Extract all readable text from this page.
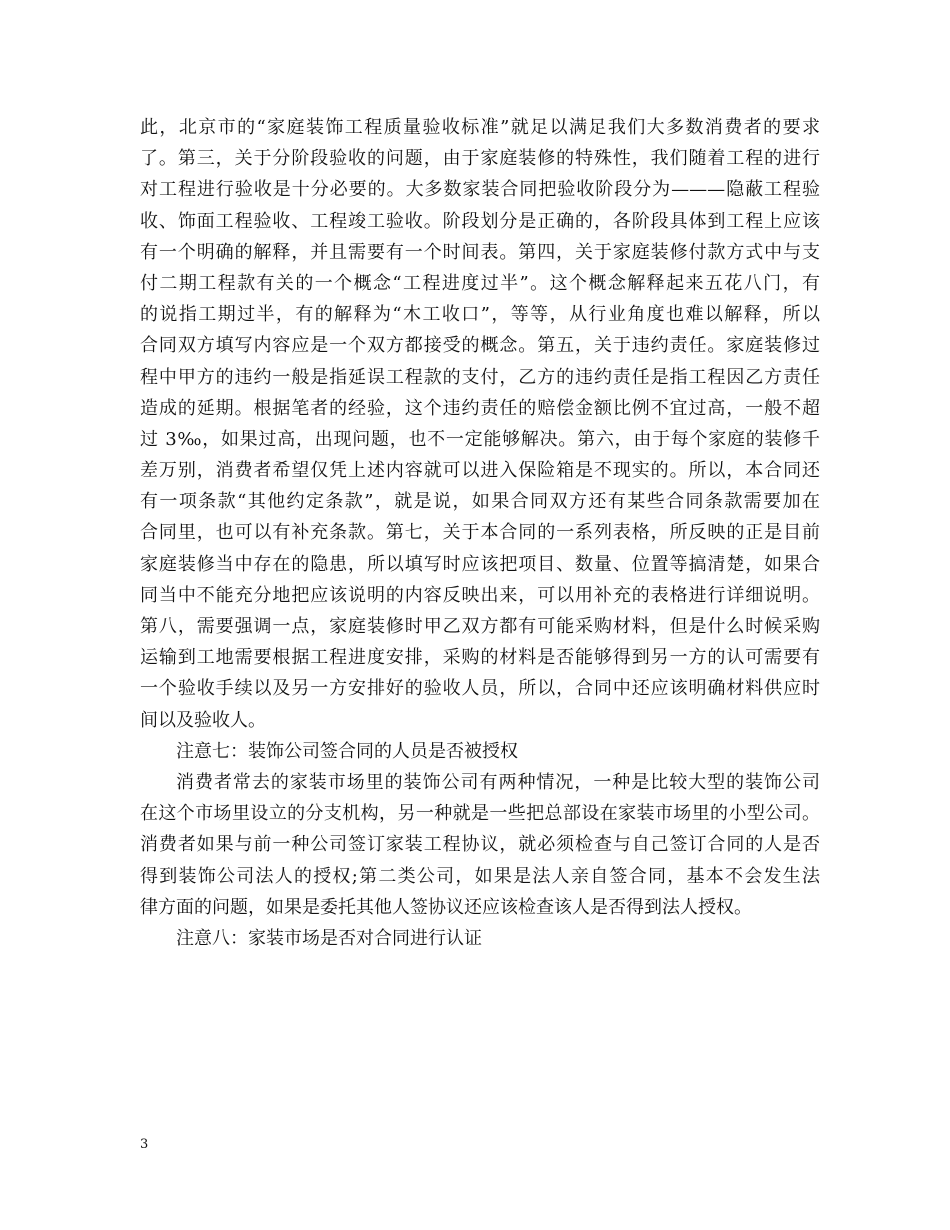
此，北京市的“家庭装饰工程质量验收标准”就足以满足我们大多数消费者的要求
了。第三，关于分阶段验收的问题，由于家庭装修的特殊性，我们随着工程的进行
对工程进行验收是十分必要的。大多数家装合同把验收阶段分为———隐蔽工程验
收、饰面工程验收、工程竣工验收。阶段划分是正确的，各阶段具体到工程上应该
有一个明确的解释，并且需要有一个时间表。第四，关于家庭装修付款方式中与支
付二期工程款有关的一个概念“工程进度过半”。这个概念解释起来五花八门，有
的说指工期过半，有的解释为“木工收口”，等等，从行业角度也难以解释，所以
合同双方填写内容应是一个双方都接受的概念。第五，关于违约责任。家庭装修过
程中甲方的违约一般是指延误工程款的支付，乙方的违约责任是指工程因乙方责任
造成的延期。根据笔者的经验，这个违约责任的赔偿金额比例不宜过高，一般不超
过 3‰，如果过高，出现问题，也不一定能够解决。第六，由于每个家庭的装修千
差万别，消费者希望仅凭上述内容就可以进入保险箱是不现实的。所以，本合同还
有一项条款“其他约定条款”，就是说，如果合同双方还有某些合同条款需要加在
合同里，也可以有补充条款。第七，关于本合同的一系列表格，所反映的正是目前
家庭装修当中存在的隐患，所以填写时应该把项目、数量、位置等搞清楚，如果合
同当中不能充分地把应该说明的内容反映出来，可以用补充的表格进行详细说明。
第八，需要强调一点，家庭装修时甲乙双方都有可能采购材料，但是什么时候采购
运输到工地需要根据工程进度安排，采购的材料是否能够得到另一方的认可需要有
一个验收手续以及另一方安排好的验收人员，所以，合同中还应该明确材料供应时
间以及验收人。
注意七：装饰公司签合同的人员是否被授权
消费者常去的家装市场里的装饰公司有两种情况，一种是比较大型的装饰公司
在这个市场里设立的分支机构，另一种就是一些把总部设在家装市场里的小型公司。
消费者如果与前一种公司签订家装工程协议，就必须检查与自己签订合同的人是否
得到装饰公司法人的授权;第二类公司，如果是法人亲自签合同，基本不会发生法
律方面的问题，如果是委托其他人签协议还应该检查该人是否得到法人授权。
注意八：家装市场是否对合同进行认证
3
